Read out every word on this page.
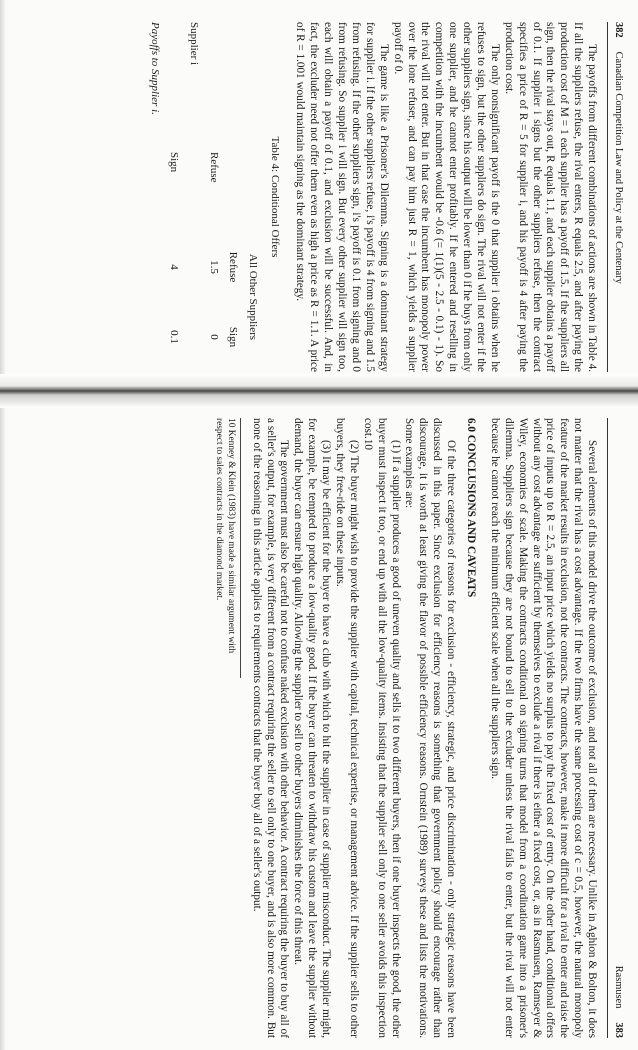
382
Canadian Competition Law and Policy at the Centenary

The payoffs from different combinations of actions are shown in Table 4. If all the suppliers refuse, the rival enters, R equals 2.5, and after paying the production cost of M = 1 each supplier has a payoff of 1.5. If the suppliers all sign, then the rival stays out, R equals 1.1, and each supplier obtains a payoff of 0.1. If supplier i signs but the other suppliers refuse, then the contract specifies a price of R = 5 for supplier i, and his payoff is 4 after paying the production cost.

The only nonsignificant payoff is the 0 that supplier i obtains when he refuses to sign, but the other suppliers do sign. The rival will not enter if the other suppliers sign, since his output will be lower than 0 if he buys from only one supplier, and he cannot enter profitably. If he entered and reselling in competition with the incumbent would be -0.6 (= 1(1)(5 - 2.5 - 0.1) - 1). So the rival will not enter. But in that case the incumbent has monopoly power over the lone refuser, and can pay him just R = 1, which yields a supplier payoff of 0.

The game is like a Prisoner's Dilemma. Signing is a dominant strategy for supplier i. If the other suppliers refuse, i's payoff is 4 from signing and 1.5 from refusing. If the other suppliers sign, i's payoff is 0.1 from signing and 0 from refusing. So supplier i will sign. But every other supplier will sign too, each will obtain a payoff of 0.1, and exclusion will be successful. And, in fact, the excluder need not offer them even as high a price as R = 1.1. A price of R = 1.001 would maintain signing as the dominant strategy.

Table 4: Conditional Offers
All Other Suppliers
Refuse
Sign
Refuse
1.5
0
Supplier i
Sign
4
0.1
Payoffs to Supplier i.
Rasmusen
383

Several elements of this model drive the outcome of exclusion, and not all of them are necessary. Unlike in Aghion & Bolton, it does not matter that the rival has a cost advantage. If the two firms have the same processing cost of c = 0.5, however, the natural monopoly feature of the market results in exclusion, not the contracts. The contracts, however, make it more difficult for a rival to enter and raise the price of inputs up to R = 2.5, an input price which yields no surplus to pay the fixed cost of entry. On the other hand, conditional offers without any cost advantage are sufficient by themselves to exclude a rival if there is either a fixed cost, or, as in Rasmusen, Ramseyer & Wiley, economies of scale. Making the contracts conditional on signing turns that model from a coordination game into a prisoner's dilemma. Suppliers sign because they are not bound to sell to the excluder unless the rival fails to enter, but the rival will not enter because he cannot reach the minimum efficient scale when all the suppliers sign.

6.0 CONCLUSIONS AND CAVEATS

Of the three categories of reasons for exclusion - efficiency, strategic, and price discrimination - only strategic reasons have been discussed in this paper. Since exclusion for efficiency reasons is something that government policy should encourage rather than discourage, it is worth at least giving the flavor of possible efficiency reasons. Ornstein (1989) surveys these and lists the motivations. Some examples are:

(1) If a supplier produces a good of uneven quality and sells it to two different buyers, then if one buyer inspects the good, the other buyer must inspect it too, or end up with all the low-quality items. Insisting that the supplier sell only to one seller avoids this inspection cost.10

(2) The buyer might wish to provide the supplier with capital, technical expertise, or management advice. If the supplier sells to other buyers, they free-ride on these inputs.

(3) It may be efficient for the buyer to have a club with which to hit the supplier in case of supplier misconduct. The supplier might, for example, be tempted to produce a low-quality good. If the buyer can threaten to withdraw his custom and leave the supplier without demand, the buyer can ensure high quality. Allowing the supplier to sell to other buyers diminishes the force of this threat.

The government must also be careful not to confuse naked exclusion with other behavior. A contract requiring the buyer to buy all of a seller's output, for example, is very different from a contract requiring the seller to sell only to one buyer, and is also more common. But none of the reasoning in this article applies to requirements contracts that the buyer buy all of a seller's output.

10 Kenney & Klein (1983) have made a similar argument with respect to sales contracts in the diamond market.
